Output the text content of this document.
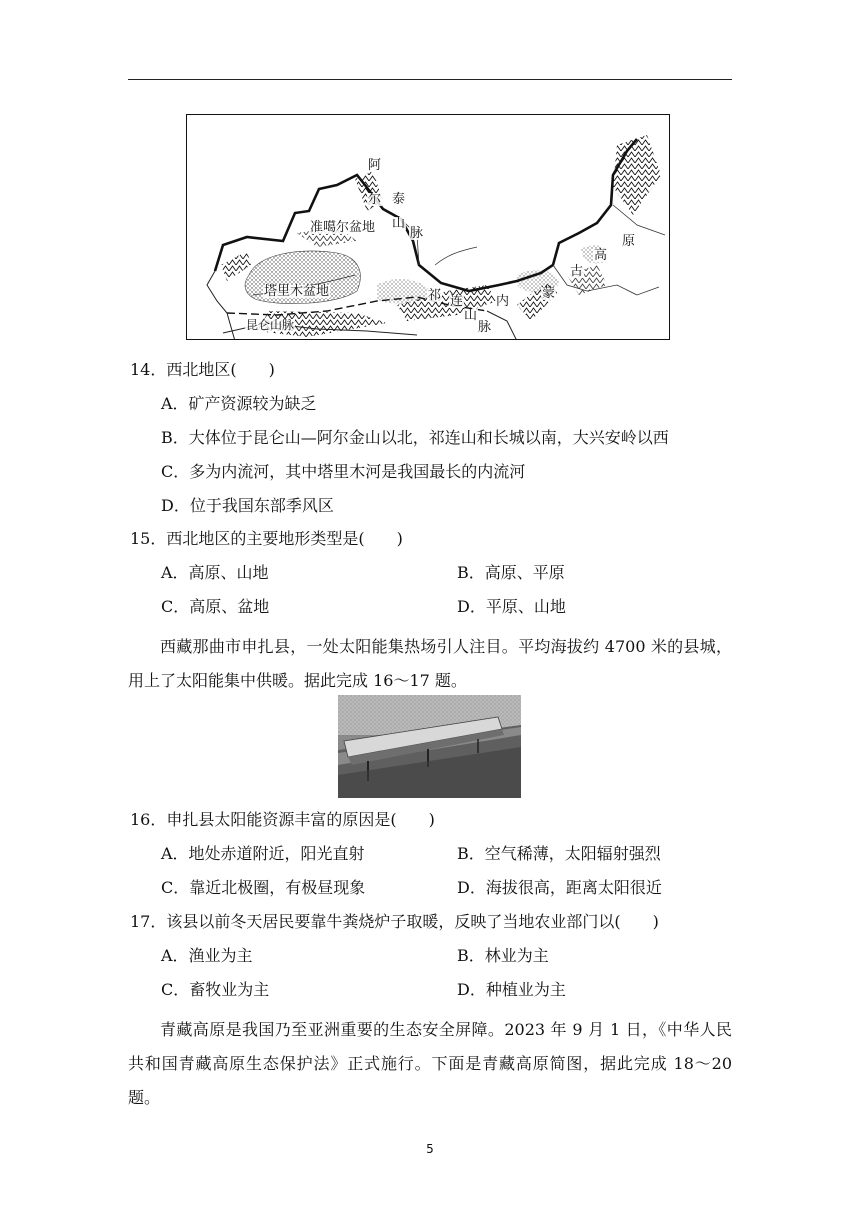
阿
尔 泰
山
脉
准噶尔盆地
塔里木盆地
昆仑山脉
祁 连
山
脉
内
蒙
古
高
原
14．西北地区(　　)
A．矿产资源较为缺乏
B．大体位于昆仑山—阿尔金山以北，祁连山和长城以南，大兴安岭以西
C．多为内流河，其中塔里木河是我国最长的内流河
D．位于我国东部季风区
15．西北地区的主要地形类型是(　　)
A．高原、山地	B．高原、平原
C．高原、盆地	D．平原、山地
西藏那曲市申扎县，一处太阳能集热场引人注目。平均海拔约 4700 米的县城，用上了太阳能集中供暖。据此完成 16～17 题。
16．申扎县太阳能资源丰富的原因是(　　)
A．地处赤道附近，阳光直射	B．空气稀薄，太阳辐射强烈
C．靠近北极圈，有极昼现象	D．海拔很高，距离太阳很近
17．该县以前冬天居民要靠牛粪烧炉子取暖，反映了当地农业部门以(　　)
A．渔业为主	B．林业为主
C．畜牧业为主	D．种植业为主
青藏高原是我国乃至亚洲重要的生态安全屏障。2023 年 9 月 1 日，《中华人民共和国青藏高原生态保护法》正式施行。下面是青藏高原简图，据此完成 18～20 题。
5
